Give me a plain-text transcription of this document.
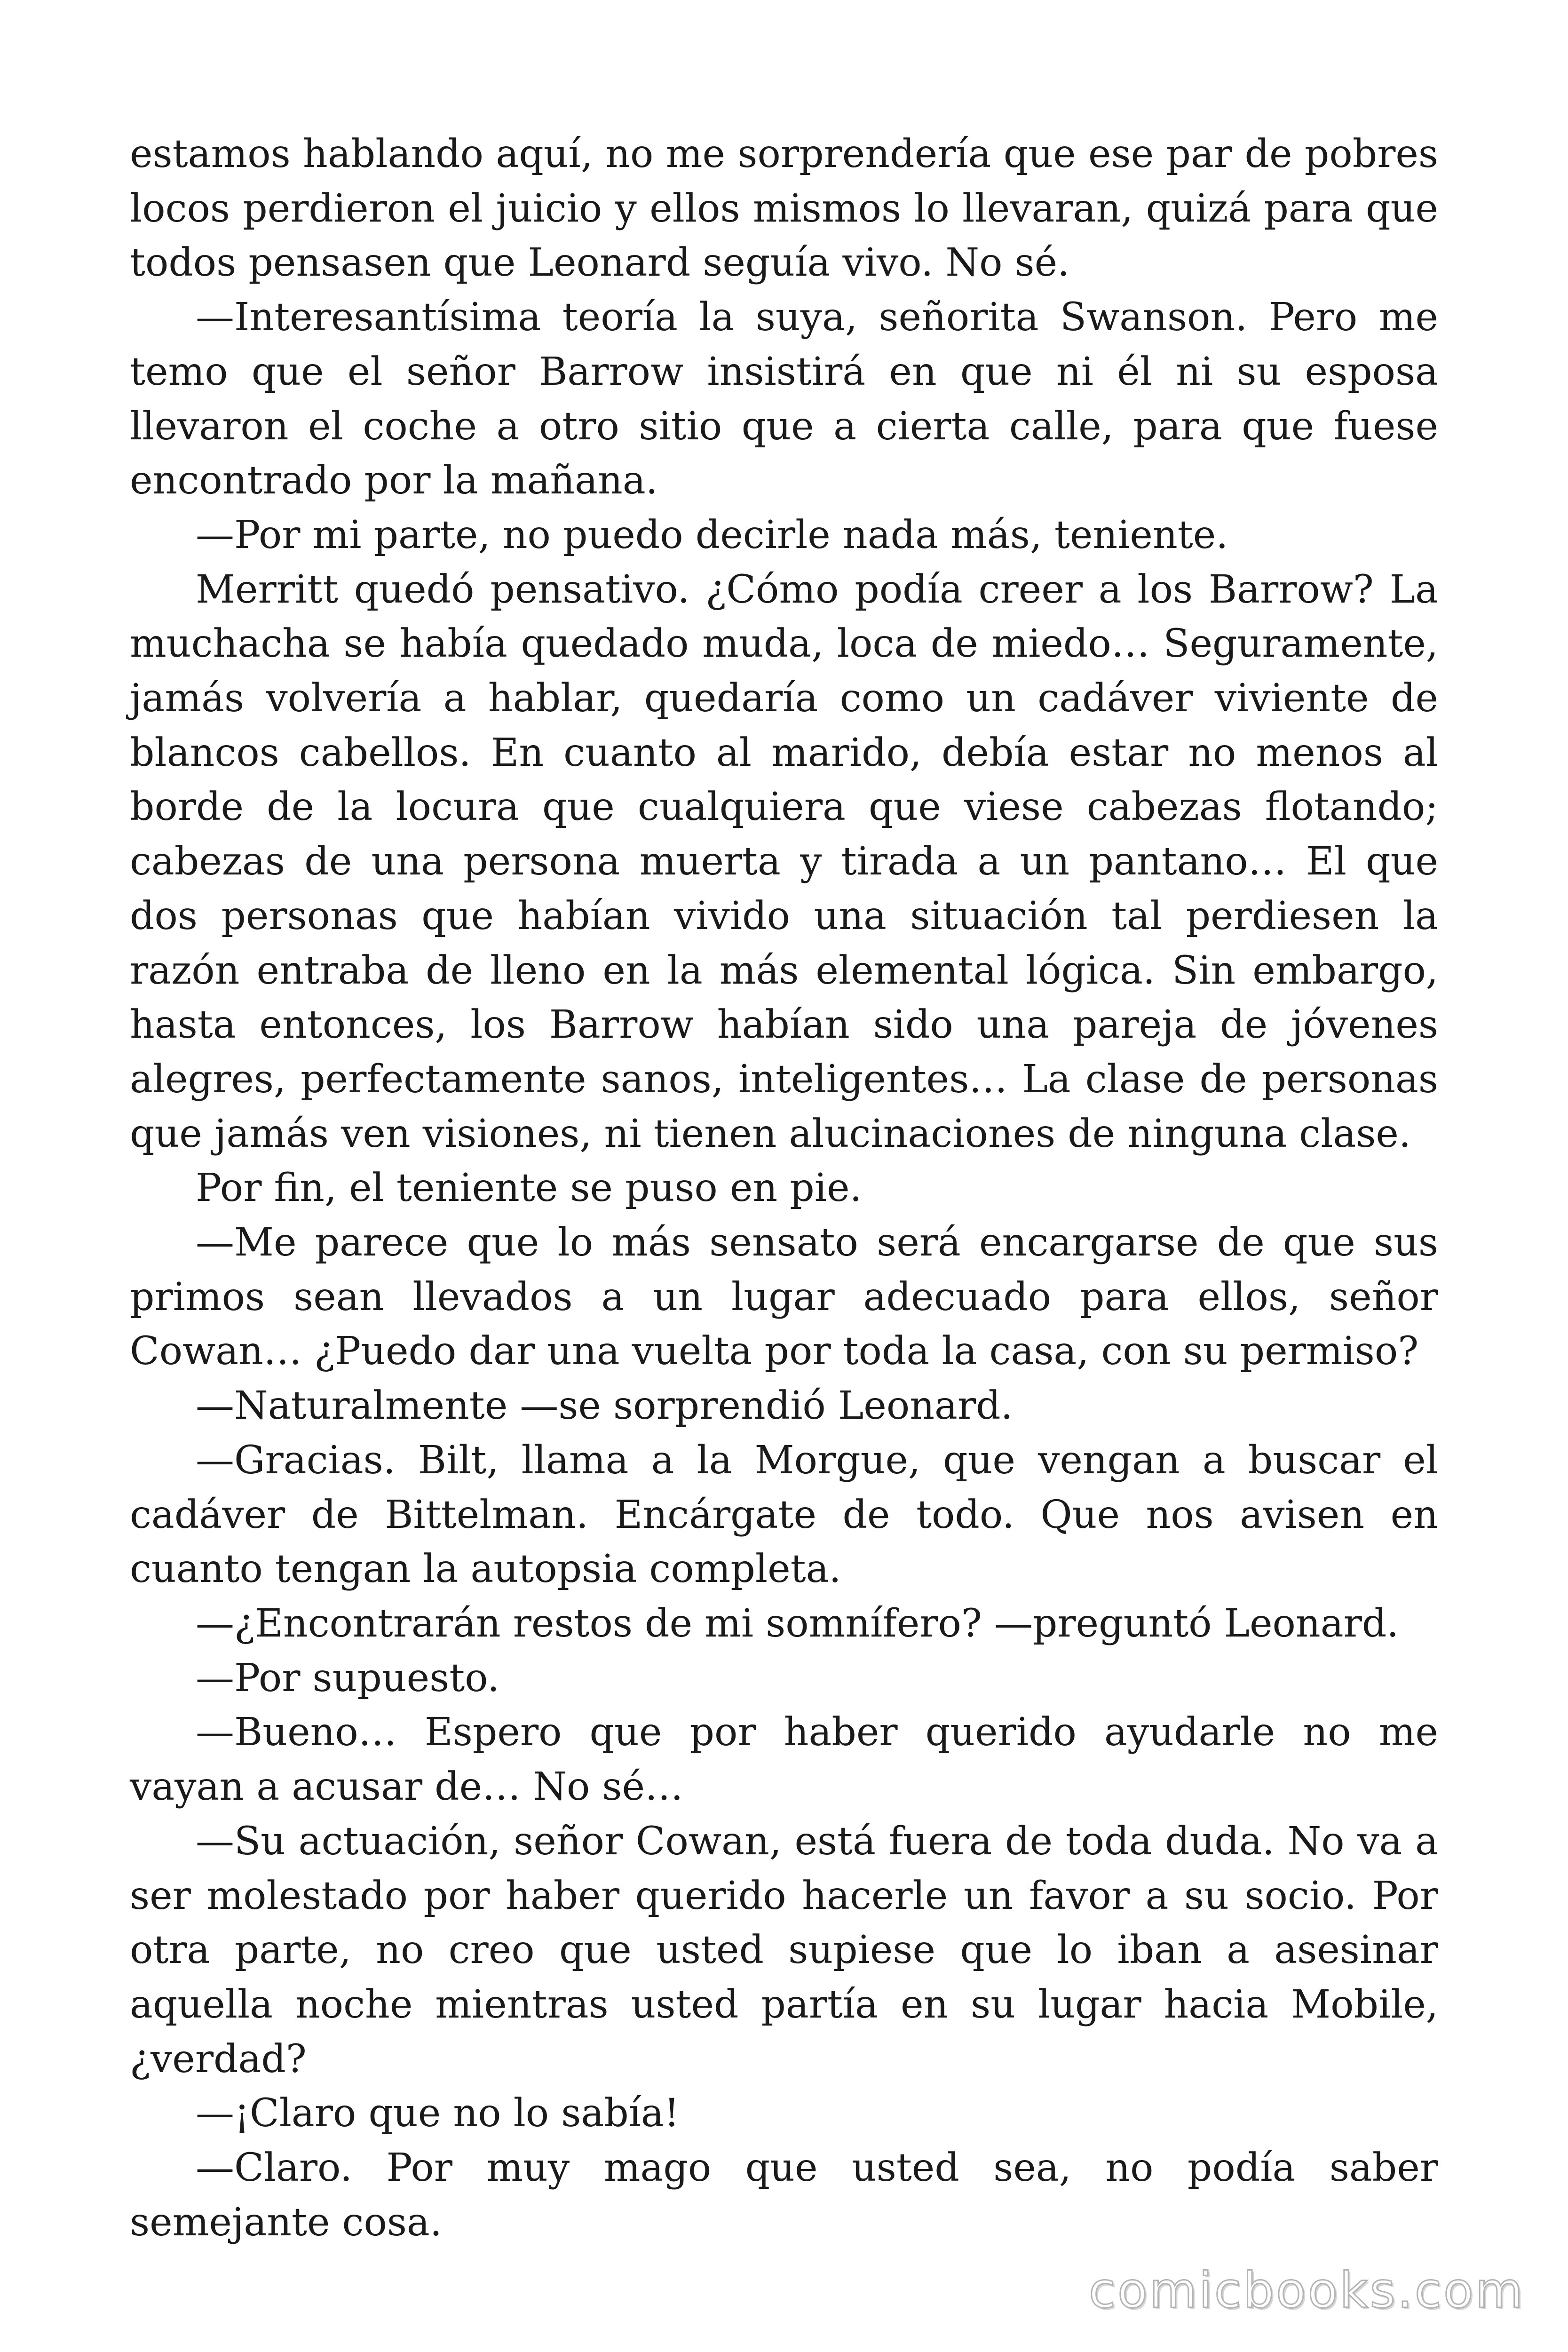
estamos hablando aquí, no me sorprendería que ese par de pobres locos perdieron el juicio y ellos mismos lo llevaran, quizá para que todos pensasen que Leonard seguía vivo. No sé.

—Interesantísima teoría la suya, señorita Swanson. Pero me temo que el señor Barrow insistirá en que ni él ni su esposa llevaron el coche a otro sitio que a cierta calle, para que fuese encontrado por la mañana.

—Por mi parte, no puedo decirle nada más, teniente.

Merritt quedó pensativo. ¿Cómo podía creer a los Barrow? La muchacha se había quedado muda, loca de miedo… Seguramente, jamás volvería a hablar, quedaría como un cadáver viviente de blancos cabellos. En cuanto al marido, debía estar no menos al borde de la locura que cualquiera que viese cabezas flotando; cabezas de una persona muerta y tirada a un pantano… El que dos personas que habían vivido una situación tal perdiesen la razón entraba de lleno en la más elemental lógica. Sin embargo, hasta entonces, los Barrow habían sido una pareja de jóvenes alegres, perfectamente sanos, inteligentes… La clase de personas que jamás ven visiones, ni tienen alucinaciones de ninguna clase.

Por fin, el teniente se puso en pie.

—Me parece que lo más sensato será encargarse de que sus primos sean llevados a un lugar adecuado para ellos, señor Cowan… ¿Puedo dar una vuelta por toda la casa, con su permiso?

—Naturalmente —se sorprendió Leonard.

—Gracias. Bilt, llama a la Morgue, que vengan a buscar el cadáver de Bittelman. Encárgate de todo. Que nos avisen en cuanto tengan la autopsia completa.

—¿Encontrarán restos de mi somnífero? —preguntó Leonard.

—Por supuesto.

—Bueno… Espero que por haber querido ayudarle no me vayan a acusar de… No sé…

—Su actuación, señor Cowan, está fuera de toda duda. No va a ser molestado por haber querido hacerle un favor a su socio. Por otra parte, no creo que usted supiese que lo iban a asesinar aquella noche mientras usted partía en su lugar hacia Mobile, ¿verdad?

—¡Claro que no lo sabía!

—Claro. Por muy mago que usted sea, no podía saber semejante cosa.

comicbooks.com
